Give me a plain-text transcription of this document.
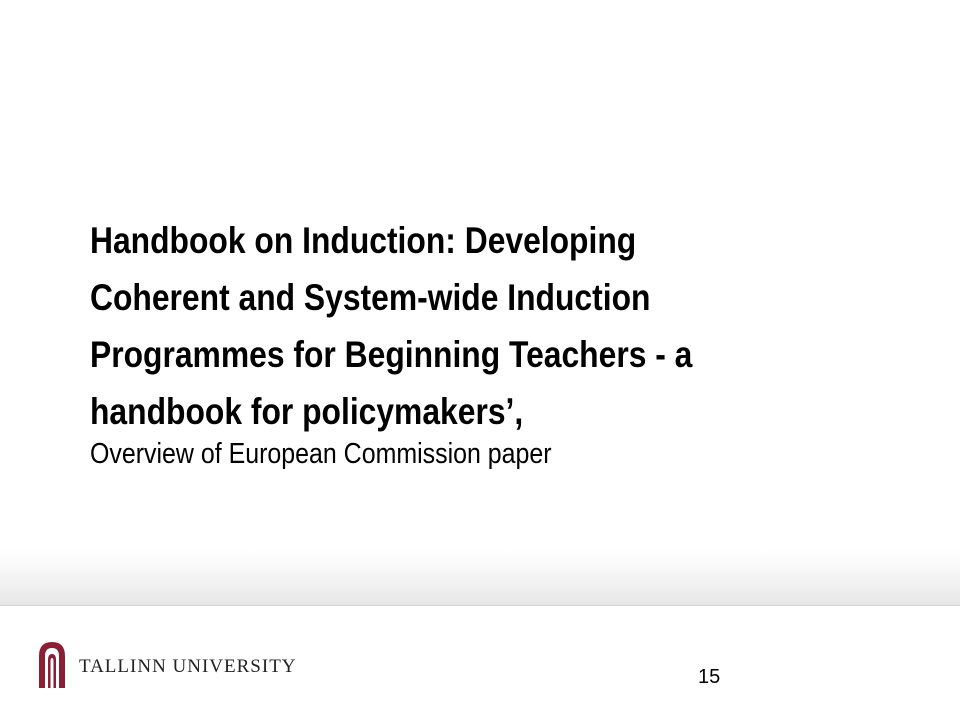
Handbook on Induction: Developing
Coherent and System-wide Induction
Programmes for Beginning Teachers - a
handbook for policymakers’,
Overview of European Commission paper
TALLINN UNIVERSITY	15
